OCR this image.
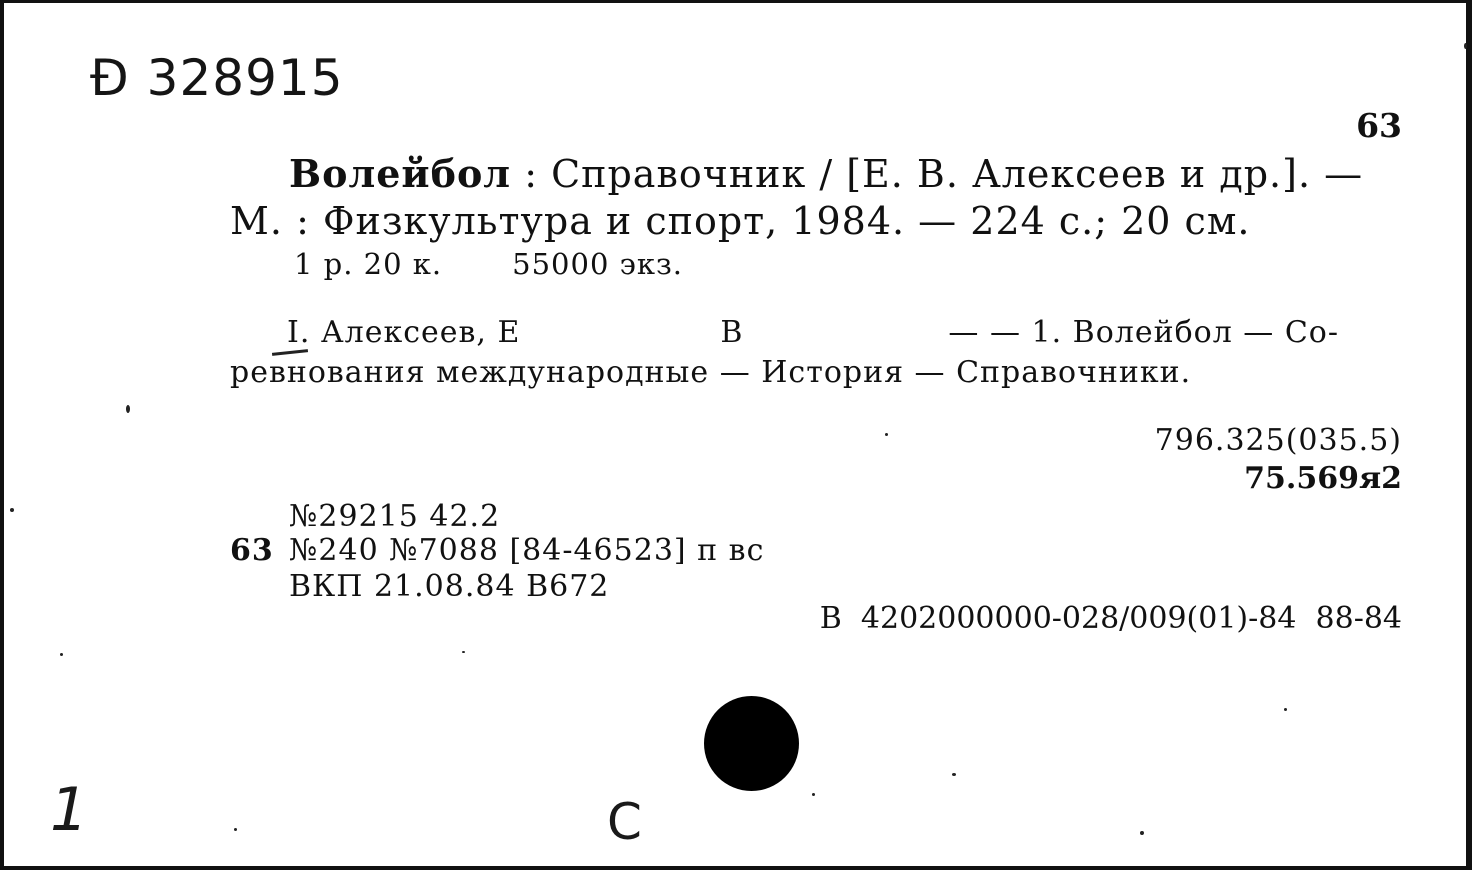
Ð 328915
63
Волейбол : Справочник / [Е. В. Алексеев и др.]. —
М. : Физкультура и спорт, 1984. — 224 с.; 20 см.
1 р. 20 к. 55000 экз.
I. Алексеев, Е	В	— — 1. Волейбол — Со-
ревнования международные — История — Справочники.
796.325(035.5)
75.569я2
№29215 42.2
63 №240 №7088 [84-46523] п вс
ВКП 21.08.84 В672
В  4202000000-028/009(01)-84  88-84
1	C
